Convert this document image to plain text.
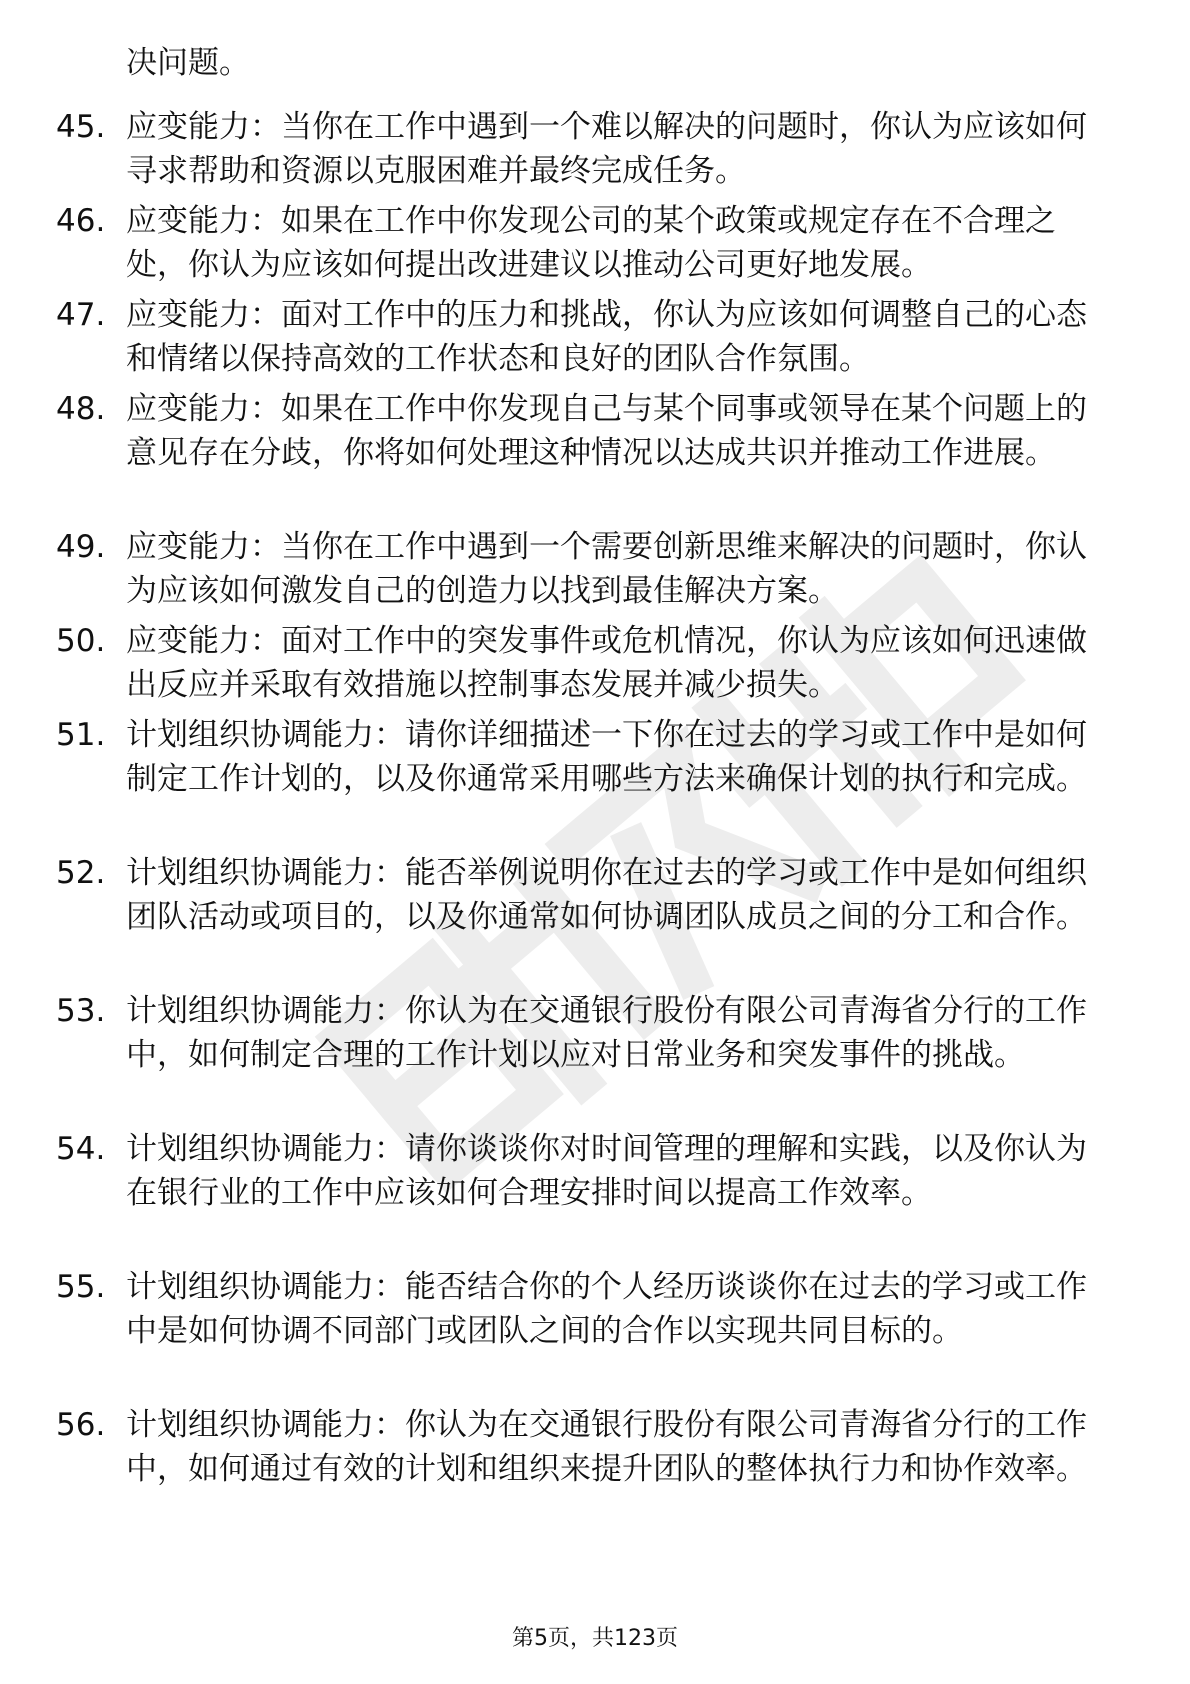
决问题。
45. 应变能力：当你在工作中遇到一个难以解决的问题时，你认为应该如何寻求帮助和资源以克服困难并最终完成任务。
46. 应变能力：如果在工作中你发现公司的某个政策或规定存在不合理之处，你认为应该如何提出改进建议以推动公司更好地发展。
47. 应变能力：面对工作中的压力和挑战，你认为应该如何调整自己的心态和情绪以保持高效的工作状态和良好的团队合作氛围。
48. 应变能力：如果在工作中你发现自己与某个同事或领导在某个问题上的意见存在分歧，你将如何处理这种情况以达成共识并推动工作进展。
49. 应变能力：当你在工作中遇到一个需要创新思维来解决的问题时，你认为应该如何激发自己的创造力以找到最佳解决方案。
50. 应变能力：面对工作中的突发事件或危机情况，你认为应该如何迅速做出反应并采取有效措施以控制事态发展并减少损失。
51. 计划组织协调能力：请你详细描述一下你在过去的学习或工作中是如何制定工作计划的，以及你通常采用哪些方法来确保计划的执行和完成。
52. 计划组织协调能力：能否举例说明你在过去的学习或工作中是如何组织团队活动或项目的，以及你通常如何协调团队成员之间的分工和合作。
53. 计划组织协调能力：你认为在交通银行股份有限公司青海省分行的工作中，如何制定合理的工作计划以应对日常业务和突发事件的挑战。
54. 计划组织协调能力：请你谈谈你对时间管理的理解和实践，以及你认为在银行业的工作中应该如何合理安排时间以提高工作效率。
55. 计划组织协调能力：能否结合你的个人经历谈谈你在过去的学习或工作中是如何协调不同部门或团队之间的合作以实现共同目标的。
56. 计划组织协调能力：你认为在交通银行股份有限公司青海省分行的工作中，如何通过有效的计划和组织来提升团队的整体执行力和协作效率。
第5页，共123页
